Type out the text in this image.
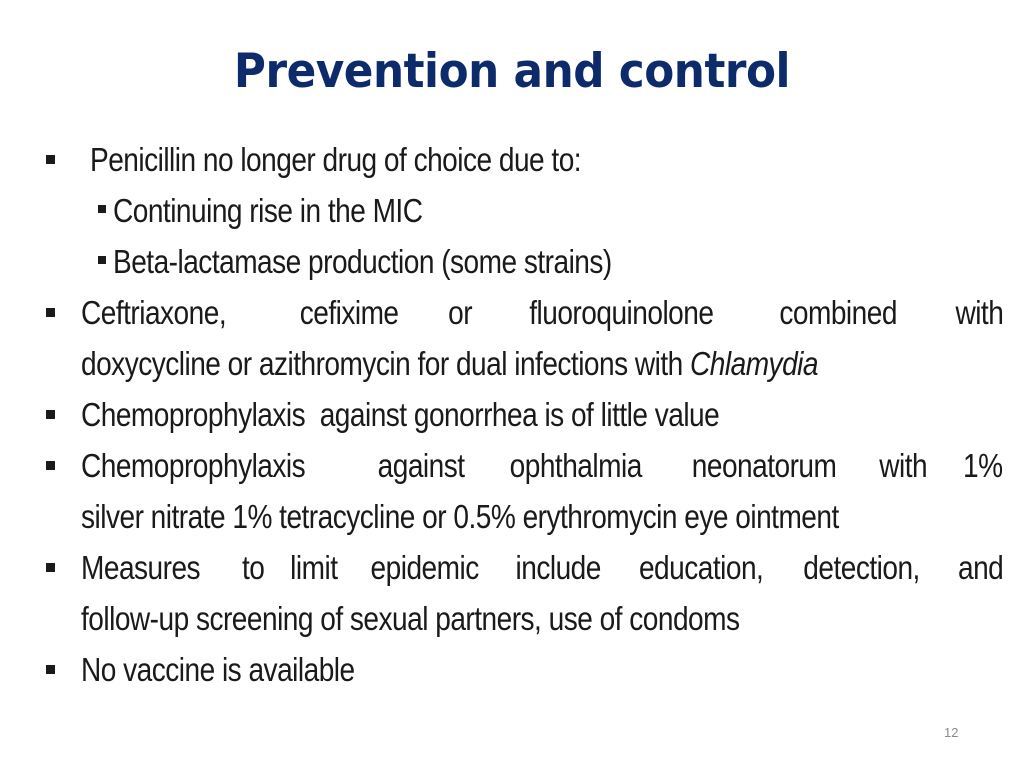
Prevention and control
Penicillin no longer drug of choice due to:
Continuing rise in the MIC
Beta-lactamase production (some strains)
Ceftriaxone, cefixime or fluoroquinolone combined with
doxycycline or azithromycin for dual infections with Chlamydia
Chemoprophylaxis  against gonorrhea is of little value
Chemoprophylaxis against ophthalmia neonatorum with 1%
silver nitrate 1% tetracycline or 0.5% erythromycin eye ointment
Measures to limit epidemic include education, detection, and
follow-up screening of sexual partners, use of condoms
No vaccine is available
12
